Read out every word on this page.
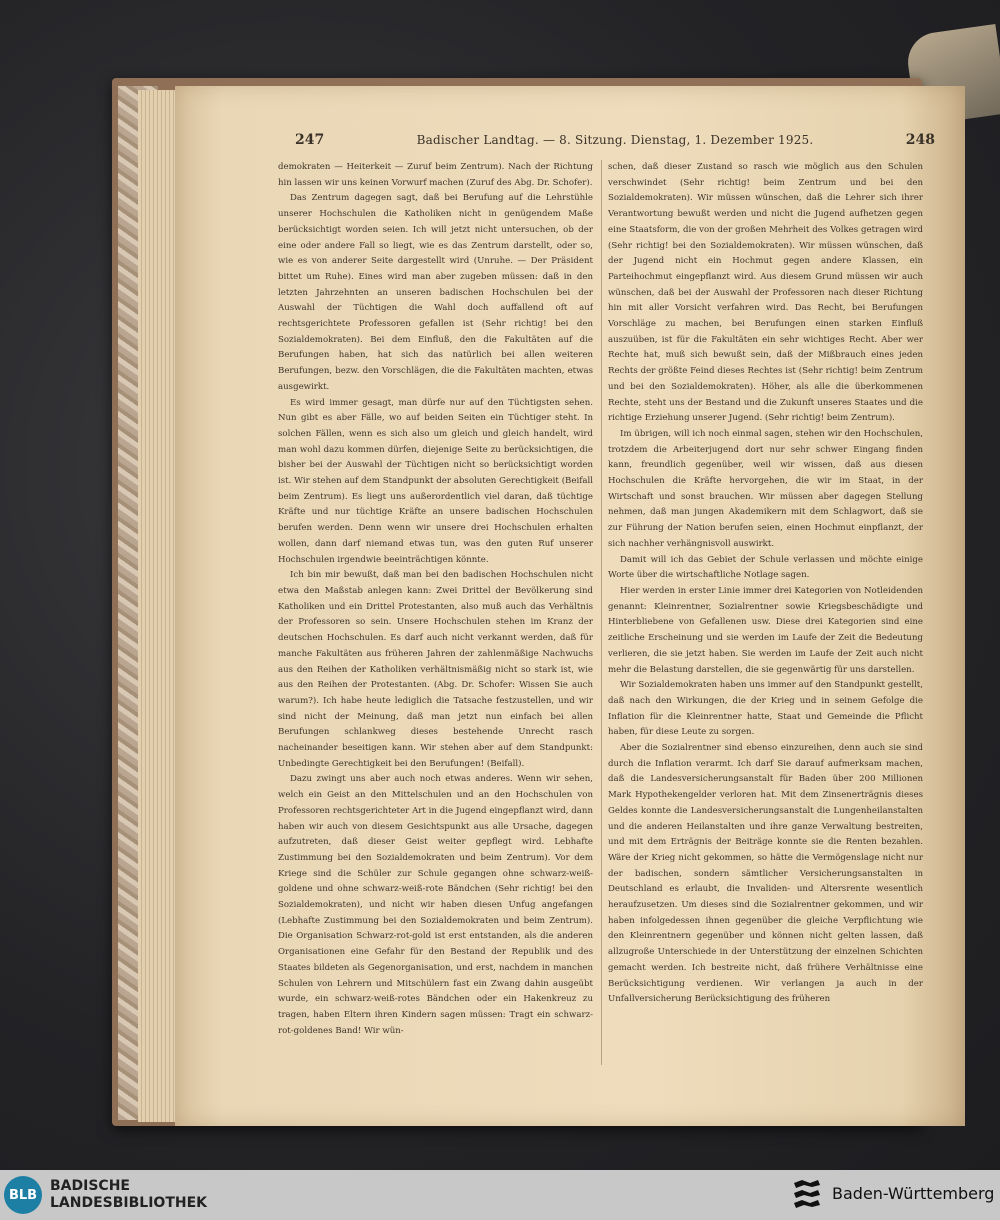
247	Badischer Landtag. — 8. Sitzung. Dienstag, 1. Dezember 1925.	248

demokraten — Heiterkeit — Zuruf beim Zentrum). Nach der Richtung hin lassen wir uns keinen Vorwurf machen (Zuruf des Abg. Dr. Schofer).

Das Zentrum dagegen sagt, daß bei Berufung auf die Lehrstühle unserer Hochschulen die Katholiken nicht in genügendem Maße berücksichtigt worden seien. Ich will jetzt nicht untersuchen, ob der eine oder andere Fall so liegt, wie es das Zentrum darstellt, oder so, wie es von anderer Seite dargestellt wird (Unruhe. — Der Präsident bittet um Ruhe). Eines wird man aber zugeben müssen: daß in den letzten Jahrzehnten an unseren badischen Hochschulen bei der Auswahl der Tüchtigen die Wahl doch auffallend oft auf rechtsgerichtete Professoren gefallen ist (Sehr richtig! bei den Sozialdemokraten). Bei dem Einfluß, den die Fakultäten auf die Berufungen haben, hat sich das natürlich bei allen weiteren Berufungen, bezw. den Vorschlägen, die die Fakultäten machten, etwas ausgewirkt.

Es wird immer gesagt, man dürfe nur auf den Tüchtigsten sehen. Nun gibt es aber Fälle, wo auf beiden Seiten ein Tüchtiger steht. In solchen Fällen, wenn es sich also um gleich und gleich handelt, wird man wohl dazu kommen dürfen, diejenige Seite zu berücksichtigen, die bisher bei der Auswahl der Tüchtigen nicht so berücksichtigt worden ist. Wir stehen auf dem Standpunkt der absoluten Gerechtigkeit (Beifall beim Zentrum). Es liegt uns außerordentlich viel daran, daß tüchtige Kräfte und nur tüchtige Kräfte an unsere badischen Hochschulen berufen werden. Denn wenn wir unsere drei Hochschulen erhalten wollen, dann darf niemand etwas tun, was den guten Ruf unserer Hochschulen irgendwie beeinträchtigen könnte.

Ich bin mir bewußt, daß man bei den badischen Hochschulen nicht etwa den Maßstab anlegen kann: Zwei Drittel der Bevölkerung sind Katholiken und ein Drittel Protestanten, also muß auch das Verhältnis der Professoren so sein. Unsere Hochschulen stehen im Kranz der deutschen Hochschulen. Es darf auch nicht verkannt werden, daß für manche Fakultäten aus früheren Jahren der zahlenmäßige Nachwuchs aus den Reihen der Katholiken verhältnismäßig nicht so stark ist, wie aus den Reihen der Protestanten. (Abg. Dr. Schofer: Wissen Sie auch warum?). Ich habe heute lediglich die Tatsache festzustellen, und wir sind nicht der Meinung, daß man jetzt nun einfach bei allen Berufungen schlankweg dieses bestehende Unrecht rasch nacheinander beseitigen kann. Wir stehen aber auf dem Standpunkt: Unbedingte Gerechtigkeit bei den Berufungen! (Beifall).

Dazu zwingt uns aber auch noch etwas anderes. Wenn wir sehen, welch ein Geist an den Mittelschulen und an den Hochschulen von Professoren rechtsgerichteter Art in die Jugend eingepflanzt wird, dann haben wir auch von diesem Gesichtspunkt aus alle Ursache, dagegen aufzutreten, daß dieser Geist weiter gepflegt wird. Lebhafte Zustimmung bei den Sozialdemokraten und beim Zentrum). Vor dem Kriege sind die Schüler zur Schule gegangen ohne schwarz-weiß-goldene und ohne schwarz-weiß-rote Bändchen (Sehr richtig! bei den Sozialdemokraten), und nicht wir haben diesen Unfug angefangen (Lebhafte Zustimmung bei den Sozialdemokraten und beim Zentrum). Die Organisation Schwarz-rot-gold ist erst entstanden, als die anderen Organisationen eine Gefahr für den Bestand der Republik und des Staates bildeten als Gegenorganisation, und erst, nachdem in manchen Schulen von Lehrern und Mitschülern fast ein Zwang dahin ausgeübt wurde, ein schwarz-weiß-rotes Bändchen oder ein Hakenkreuz zu tragen, haben Eltern ihren Kindern sagen müssen: Tragt ein schwarz-rot-goldenes Band! Wir wün-

schen, daß dieser Zustand so rasch wie möglich aus den Schulen verschwindet (Sehr richtig! beim Zentrum und bei den Sozialdemokraten). Wir müssen wünschen, daß die Lehrer sich ihrer Verantwortung bewußt werden und nicht die Jugend aufhetzen gegen eine Staatsform, die von der großen Mehrheit des Volkes getragen wird (Sehr richtig! bei den Sozialdemokraten). Wir müssen wünschen, daß der Jugend nicht ein Hochmut gegen andere Klassen, ein Parteihochmut eingepflanzt wird. Aus diesem Grund müssen wir auch wünschen, daß bei der Auswahl der Professoren nach dieser Richtung hin mit aller Vorsicht verfahren wird. Das Recht, bei Berufungen Vorschläge zu machen, bei Berufungen einen starken Einfluß auszuüben, ist für die Fakultäten ein sehr wichtiges Recht. Aber wer Rechte hat, muß sich bewußt sein, daß der Mißbrauch eines jeden Rechts der größte Feind dieses Rechtes ist (Sehr richtig! beim Zentrum und bei den Sozialdemokraten). Höher, als alle die überkommenen Rechte, steht uns der Bestand und die Zukunft unseres Staates und die richtige Erziehung unserer Jugend. (Sehr richtig! beim Zentrum).

Im übrigen, will ich noch einmal sagen, stehen wir den Hochschulen, trotzdem die Arbeiterjugend dort nur sehr schwer Eingang finden kann, freundlich gegenüber, weil wir wissen, daß aus diesen Hochschulen die Kräfte hervorgehen, die wir im Staat, in der Wirtschaft und sonst brauchen. Wir müssen aber dagegen Stellung nehmen, daß man jungen Akademikern mit dem Schlagwort, daß sie zur Führung der Nation berufen seien, einen Hochmut einpflanzt, der sich nachher verhängnisvoll auswirkt.

Damit will ich das Gebiet der Schule verlassen und möchte einige Worte über die wirtschaftliche Notlage sagen.

Hier werden in erster Linie immer drei Kategorien von Notleidenden genannt: Kleinrentner, Sozialrentner sowie Kriegsbeschädigte und Hinterbliebene von Gefallenen usw. Diese drei Kategorien sind eine zeitliche Erscheinung und sie werden im Laufe der Zeit die Bedeutung verlieren, die sie jetzt haben. Sie werden im Laufe der Zeit auch nicht mehr die Belastung darstellen, die sie gegenwärtig für uns darstellen.

Wir Sozialdemokraten haben uns immer auf den Standpunkt gestellt, daß nach den Wirkungen, die der Krieg und in seinem Gefolge die Inflation für die Kleinrentner hatte, Staat und Gemeinde die Pflicht haben, für diese Leute zu sorgen.

Aber die Sozialrentner sind ebenso einzureihen, denn auch sie sind durch die Inflation verarmt. Ich darf Sie darauf aufmerksam machen, daß die Landesversicherungsanstalt für Baden über 200 Millionen Mark Hypothekengelder verloren hat. Mit dem Zinsenerträgnis dieses Geldes konnte die Landesversicherungsanstalt die Lungenheilanstalten und die anderen Heilanstalten und ihre ganze Verwaltung bestreiten, und mit dem Erträgnis der Beiträge konnte sie die Renten bezahlen. Wäre der Krieg nicht gekommen, so hätte die Vermögenslage nicht nur der badischen, sondern sämtlicher Versicherungsanstalten in Deutschland es erlaubt, die Invaliden- und Altersrente wesentlich heraufzusetzen. Um dieses sind die Sozialrentner gekommen, und wir haben infolgedessen ihnen gegenüber die gleiche Verpflichtung wie den Kleinrentnern gegenüber und können nicht gelten lassen, daß allzugroße Unterschiede in der Unterstützung der einzelnen Schichten gemacht werden. Ich bestreite nicht, daß frühere Verhältnisse eine Berücksichtigung verdienen. Wir verlangen ja auch in der Unfallversicherung Berücksichtigung des früheren

BLB
BADISCHE
LANDESBIBLIOTHEK	Baden-Württemberg
